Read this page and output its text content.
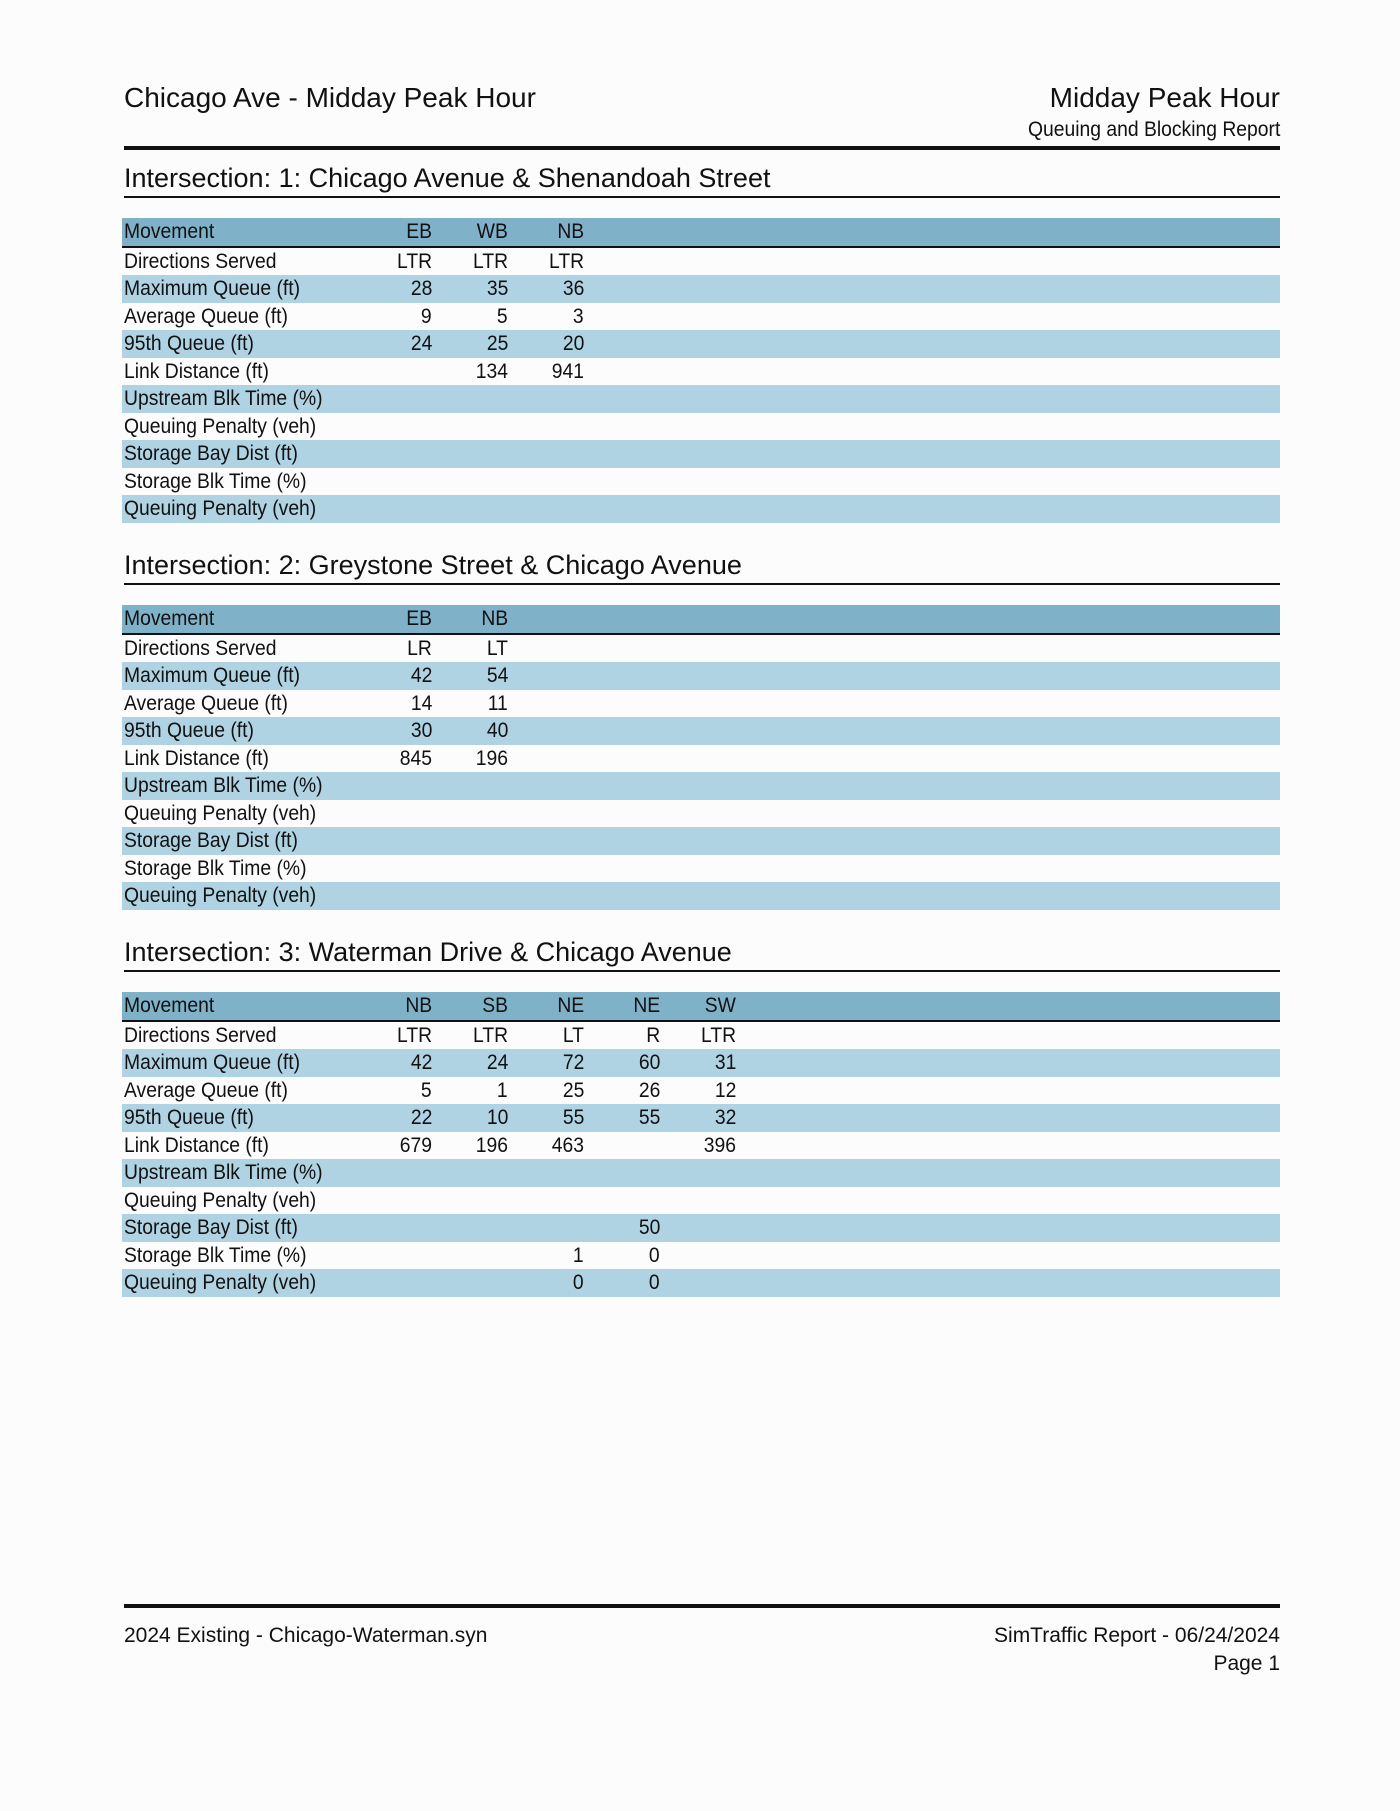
Chicago Ave - Midday Peak Hour	Midday Peak Hour
Queuing and Blocking Report
Intersection: 1: Chicago Avenue & Shenandoah Street
Movement	EB	WB	NB	
Directions Served	LTR	LTR	LTR	
Maximum Queue (ft)	28	35	36	
Average Queue (ft)	9	5	3	
95th Queue (ft)	24	25	20	
Link Distance (ft)		134	941	
Upstream Blk Time (%)				
Queuing Penalty (veh)				
Storage Bay Dist (ft)				
Storage Blk Time (%)				
Queuing Penalty (veh)				
Intersection: 2: Greystone Street & Chicago Avenue
Movement	EB	NB	
Directions Served	LR	LT	
Maximum Queue (ft)	42	54	
Average Queue (ft)	14	11	
95th Queue (ft)	30	40	
Link Distance (ft)	845	196	
Upstream Blk Time (%)			
Queuing Penalty (veh)			
Storage Bay Dist (ft)			
Storage Blk Time (%)			
Queuing Penalty (veh)			
Intersection: 3: Waterman Drive & Chicago Avenue
Movement	NB	SB	NE	NE	SW	
Directions Served	LTR	LTR	LT	R	LTR	
Maximum Queue (ft)	42	24	72	60	31	
Average Queue (ft)	5	1	25	26	12	
95th Queue (ft)	22	10	55	55	32	
Link Distance (ft)	679	196	463		396	
Upstream Blk Time (%)						
Queuing Penalty (veh)						
Storage Bay Dist (ft)				50		
Storage Blk Time (%)			1	0		
Queuing Penalty (veh)			0	0		
2024 Existing - Chicago-Waterman.syn	SimTraffic Report - 06/24/2024
Page 1
